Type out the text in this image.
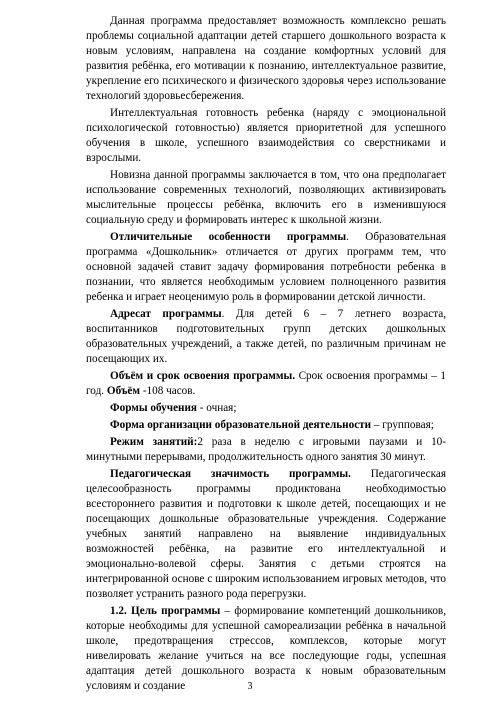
Данная программа предоставляет возможность комплексно решать проблемы социальной адаптации детей старшего дошкольного возраста к новым условиям, направлена на создание комфортных условий для развития ребёнка, его мотивации к познанию, интеллектуальное развитие, укрепление его психического и физического здоровья через использование технологий здоровьесбережения.

Интеллектуальная готовность ребенка (наряду с эмоциональной психологической готовностью) является приоритетной для успешного обучения в школе, успешного взаимодействия со сверстниками и взрослыми.

Новизна данной программы заключается в том, что она предполагает использование современных технологий, позволяющих активизировать мыслительные процессы ребёнка, включить его в изменившуюся социальную среду и формировать интерес к школьной жизни.

Отличительные особенности программы. Образовательная программа «Дошкольник» отличается от других программ тем, что основной задачей ставит задачу формирования потребности ребенка в познании, что является необходимым условием полноценного развития ребенка и играет неоценимую роль в формировании детской личности.

Адресат программы. Для детей 6 – 7 летнего возраста, воспитанников подготовительных групп детских дошкольных образовательных учреждений, а также детей, по различным причинам не посещающих их.

Объём и срок освоения программы. Срок освоения программы – 1 год. Объём -108 часов.

Формы обучения - очная;

Форма организации образовательной деятельности – групповая;

Режим занятий:2 раза в неделю с игровыми паузами и 10-минутными перерывами, продолжительность одного занятия 30 минут.

Педагогическая значимость программы. Педагогическая

целесообразность программы продиктована необходимостью всестороннего развития и подготовки к школе детей, посещающих и не посещающих дошкольные образовательные учреждения. Содержание учебных занятий направлено на выявление индивидуальных возможностей ребёнка, на развитие его интеллектуальной и эмоционально-волевой сферы. Занятия с детьми строятся на интегрированной основе с широким использованием игровых методов, что позволяет устранить разного рода перегрузки.

1.2. Цель программы – формирование компетенций дошкольников, которые необходимы для успешной самореализации ребёнка в начальной школе, предотвращения стрессов, комплексов, которые могут нивелировать желание учиться на все последующие годы, успешная адаптация детей дошкольного возраста к новым образовательным условиям и создание	3
